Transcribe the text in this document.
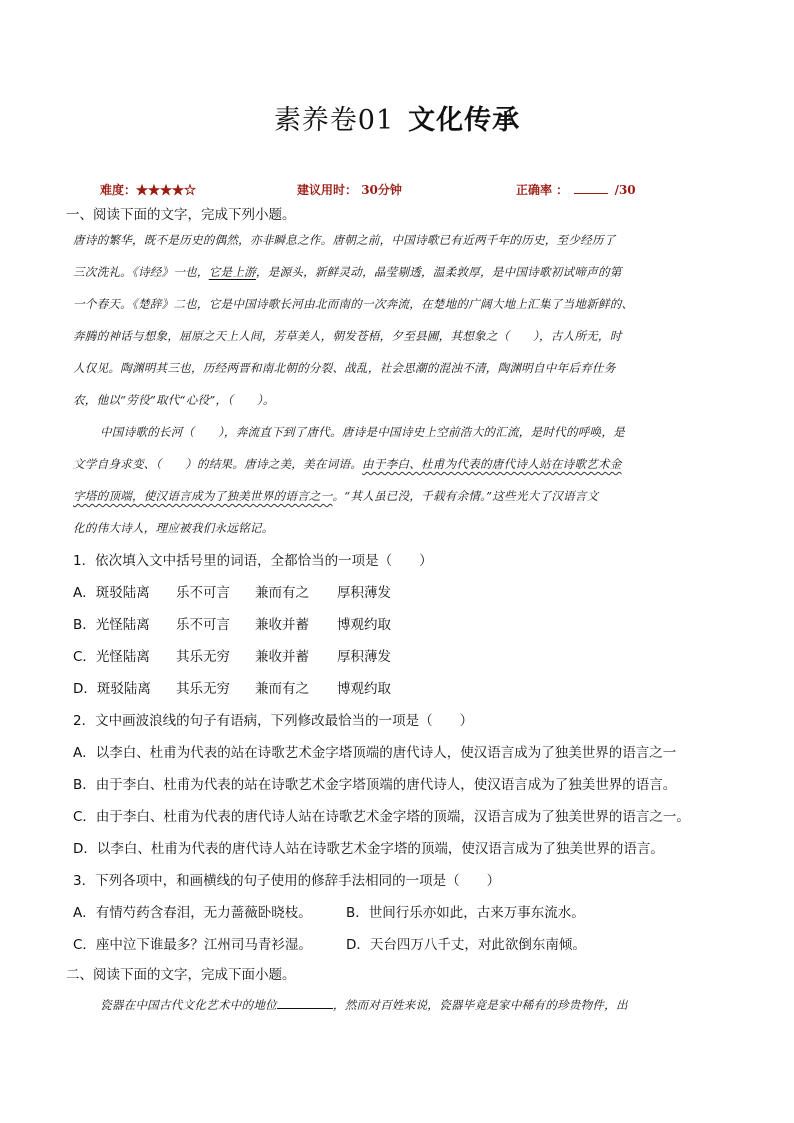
素养卷01 文化传承
难度：★★★★☆	建议用时： 30分钟	正确率 ：	/30
一、阅读下面的文字，完成下列小题。
唐诗的繁华，既不是历史的偶然，亦非瞬息之作。唐朝之前，中国诗歌已有近两千年的历史，至少经历了
三次洗礼。《诗经》一也，它是上游，是源头，新鲜灵动，晶莹剔透，温柔敦厚，是中国诗歌初试啼声的第
一个春天。《楚辞》二也，它是中国诗歌长河由北而南的一次奔流，在楚地的广阔大地上汇集了当地新鲜的、
奔腾的神话与想象，屈原之天上人间，芳草美人，朝发苍梧，夕至县圃，其想象之（　　），古人所无，时
人仅见。陶渊明其三也，历经两晋和南北朝的分裂、战乱，社会思潮的混浊不清，陶渊明自中年后弃仕务
农，他以“劳役”取代“心役”，（　　）。
中国诗歌的长河（　　），奔流直下到了唐代。唐诗是中国诗史上空前浩大的汇流，是时代的呼唤，是
文学自身求变、（　　）的结果。唐诗之美，美在词语。由于李白、杜甫为代表的唐代诗人站在诗歌艺术金
字塔的顶端，使汉语言成为了独美世界的语言之一。“其人虽已没，千载有余情。”这些光大了汉语言文
化的伟大诗人，理应被我们永远铭记。
1．依次填入文中括号里的词语，全都恰当的一项是（　　）
A．斑驳陆离 乐不可言 兼而有之 厚积薄发
B．光怪陆离 乐不可言 兼收并蓄 博观约取
C．光怪陆离 其乐无穷 兼收并蓄 厚积薄发
D．斑驳陆离 其乐无穷 兼而有之 博观约取
2．文中画波浪线的句子有语病，下列修改最恰当的一项是（　　）
A．以李白、杜甫为代表的站在诗歌艺术金字塔顶端的唐代诗人，使汉语言成为了独美世界的语言之一
B．由于李白、杜甫为代表的站在诗歌艺术金字塔顶端的唐代诗人，使汉语言成为了独美世界的语言。
C．由于李白、杜甫为代表的唐代诗人站在诗歌艺术金字塔的顶端，汉语言成为了独美世界的语言之一。
D．以李白、杜甫为代表的唐代诗人站在诗歌艺术金字塔的顶端，使汉语言成为了独美世界的语言。
3．下列各项中，和画横线的句子使用的修辞手法相同的一项是（　　）
A．有情芍药含春泪，无力蔷薇卧晓枝。	B．世间行乐亦如此，古来万事东流水。
C．座中泣下谁最多？江州司马青衫湿。	D．天台四万八千丈，对此欲倒东南倾。
二、阅读下面的文字，完成下面小题。
瓷器在中国古代文化艺术中的地位	，然而对百姓来说，瓷器毕竟是家中稀有的珍贵物件，出
